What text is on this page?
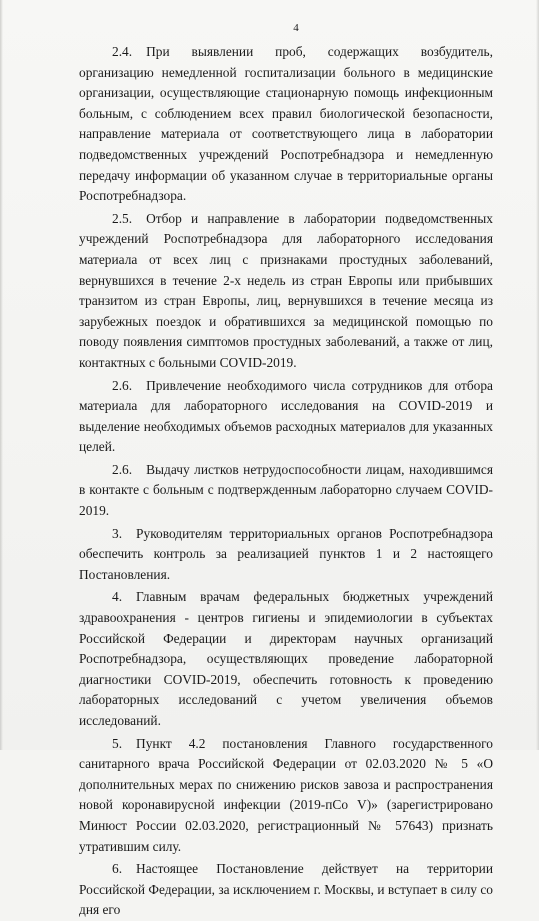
4

2.4. При выявлении проб, содержащих возбудитель, организацию немедленной госпитализации больного в медицинские организации, осуществляющие стационарную помощь инфекционным больным, с соблюдением всех правил биологической безопасности, направление материала от соответствующего лица в лаборатории подведомственных учреждений Роспотребнадзора и немедленную передачу информации об указанном случае в территориальные органы Роспотребнадзора.

2.5. Отбор и направление в лаборатории подведомственных учреждений Роспотребнадзора для лабораторного исследования материала от всех лиц с признаками простудных заболеваний, вернувшихся в течение 2-х недель из стран Европы или прибывших транзитом из стран Европы, лиц, вернувшихся в течение месяца из зарубежных поездок и обратившихся за медицинской помощью по поводу появления симптомов простудных заболеваний, а также от лиц, контактных с больными COVID-2019.

2.6. Привлечение необходимого числа сотрудников для отбора материала для лабораторного исследования на COVID-2019 и выделение необходимых объемов расходных материалов для указанных целей.

2.6. Выдачу листков нетрудоспособности лицам, находившимся в контакте с больным с подтвержденным лабораторно случаем COVID-2019.

3. Руководителям территориальных органов Роспотребнадзора обеспечить контроль за реализацией пунктов 1 и 2 настоящего Постановления.

4. Главным врачам федеральных бюджетных учреждений здравоохранения - центров гигиены и эпидемиологии в субъектах Российской Федерации и директорам научных организаций Роспотребнадзора, осуществляющих проведение лабораторной диагностики COVID-2019, обеспечить готовность к проведению лабораторных исследований с учетом увеличения объемов исследований.

5. Пункт 4.2 постановления Главного государственного санитарного врача Российской Федерации от 02.03.2020 № 5 «О дополнительных мерах по снижению рисков завоза и распространения новой коронавирусной инфекции (2019-пСо V)» (зарегистрировано Минюст России 02.03.2020, регистрационный № 57643) признать утратившим силу.

6. Настоящее Постановление действует на территории Российской Федерации, за исключением г. Москвы, и вступает в силу со дня его
